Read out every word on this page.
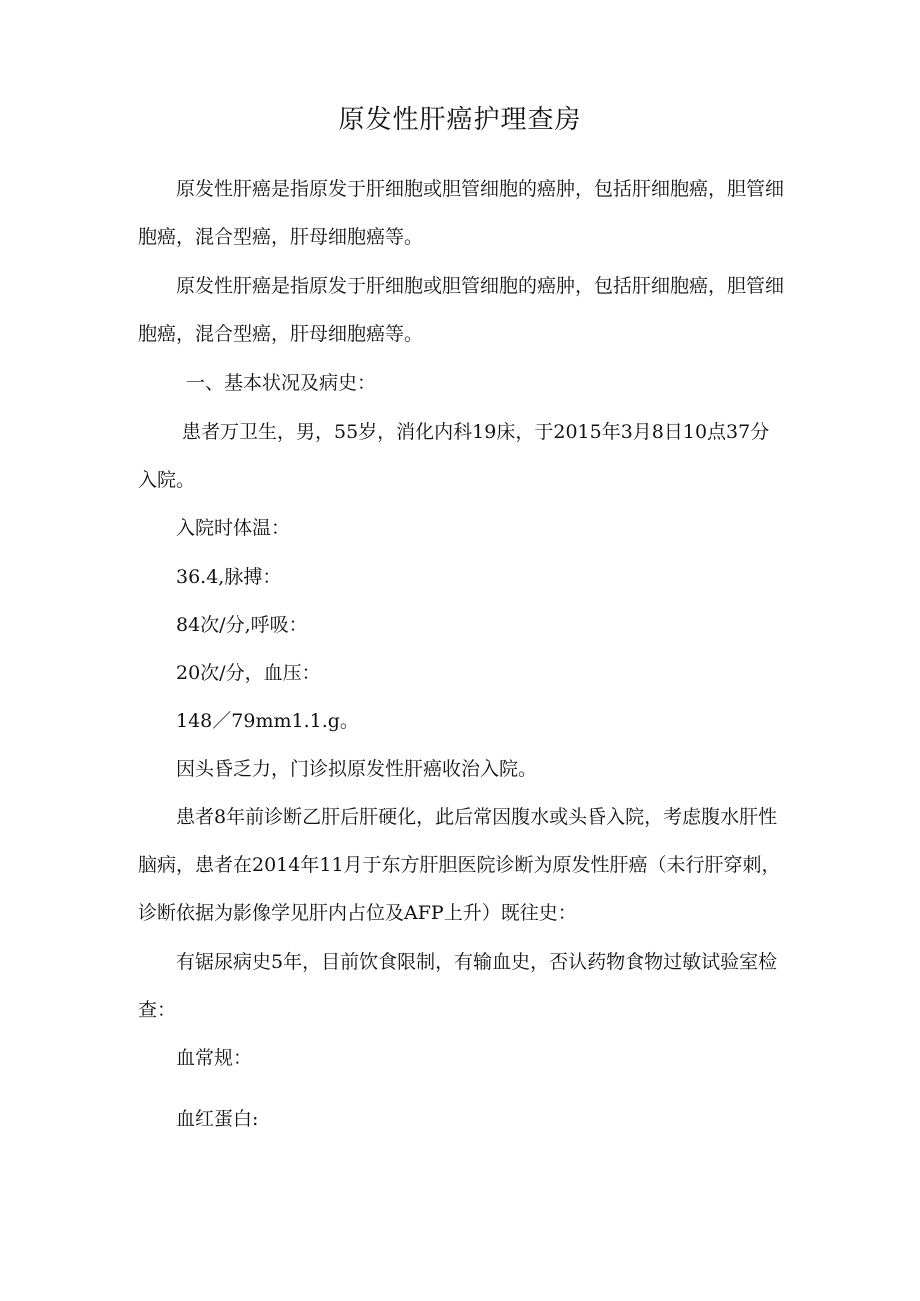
原发性肝癌护理查房

原发性肝癌是指原发于肝细胞或胆管细胞的癌肿，包括肝细胞癌，胆管细胞癌，混合型癌，肝母细胞癌等。

原发性肝癌是指原发于肝细胞或胆管细胞的癌肿，包括肝细胞癌，胆管细胞癌，混合型癌，肝母细胞癌等。

一、基本状况及病史：

患者万卫生，男，55岁，消化内科19床，于2015年3月8日10点37分入院。

入院时体温：

36.4,脉搏：

84次/分,呼吸：

20次/分，血压：

148／79mm1.1.g。

因头昏乏力，门诊拟原发性肝癌收治入院。

患者8年前诊断乙肝后肝硬化，此后常因腹水或头昏入院，考虑腹水肝性脑病，患者在2014年11月于东方肝胆医院诊断为原发性肝癌（未行肝穿刺，诊断依据为影像学见肝内占位及AFP上升）既往史：

有锯尿病史5年，目前饮食限制，有输血史，否认药物食物过敏试验室检查：

血常规：

血红蛋白:
